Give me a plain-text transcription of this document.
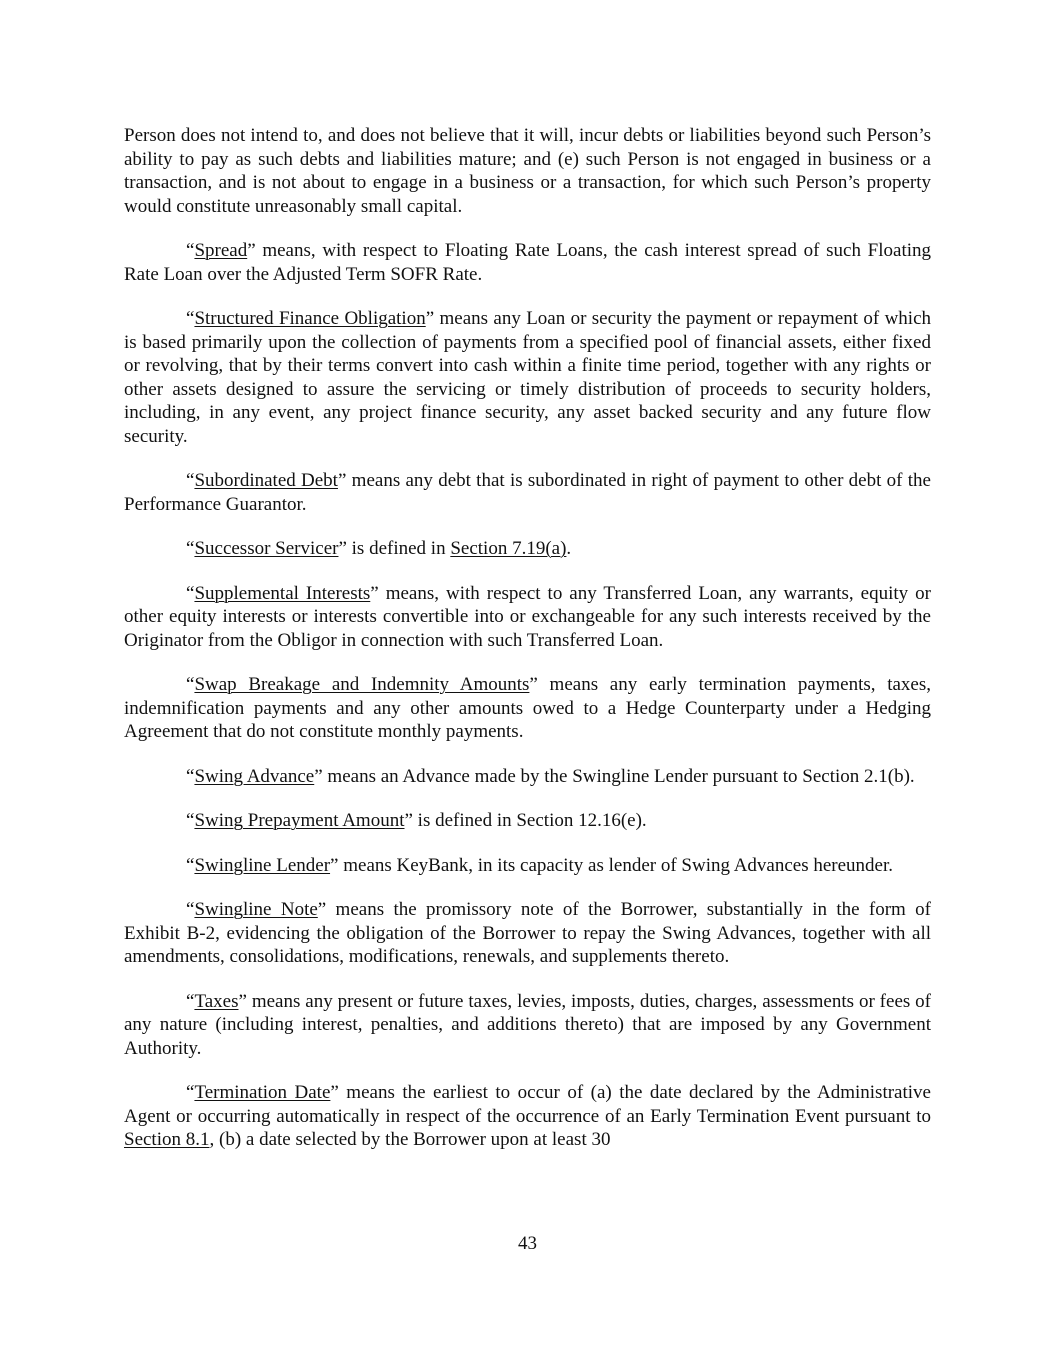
Person does not intend to, and does not believe that it will, incur debts or liabilities beyond such Person’s ability to pay as such debts and liabilities mature; and (e) such Person is not engaged in business or a transaction, and is not about to engage in a business or a transaction, for which such Person’s property would constitute unreasonably small capital.

“Spread” means, with respect to Floating Rate Loans, the cash interest spread of such Floating Rate Loan over the Adjusted Term SOFR Rate.

“Structured Finance Obligation” means any Loan or security the payment or repayment of which is based primarily upon the collection of payments from a specified pool of financial assets, either fixed or revolving, that by their terms convert into cash within a finite time period, together with any rights or other assets designed to assure the servicing or timely distribution of proceeds to security holders, including, in any event, any project finance security, any asset backed security and any future flow security.

“Subordinated Debt” means any debt that is subordinated in right of payment to other debt of the Performance Guarantor.

“Successor Servicer” is defined in Section 7.19(a).

“Supplemental Interests” means, with respect to any Transferred Loan, any warrants, equity or other equity interests or interests convertible into or exchangeable for any such interests received by the Originator from the Obligor in connection with such Transferred Loan.

“Swap Breakage and Indemnity Amounts” means any early termination payments, taxes, indemnification payments and any other amounts owed to a Hedge Counterparty under a Hedging Agreement that do not constitute monthly payments.

“Swing Advance” means an Advance made by the Swingline Lender pursuant to Section 2.1(b).

“Swing Prepayment Amount” is defined in Section 12.16(e).

“Swingline Lender” means KeyBank, in its capacity as lender of Swing Advances hereunder.

“Swingline Note” means the promissory note of the Borrower, substantially in the form of Exhibit B-2, evidencing the obligation of the Borrower to repay the Swing Advances, together with all amendments, consolidations, modifications, renewals, and supplements thereto.

“Taxes” means any present or future taxes, levies, imposts, duties, charges, assessments or fees of any nature (including interest, penalties, and additions thereto) that are imposed by any Government Authority.

“Termination Date” means the earliest to occur of (a) the date declared by the Administrative Agent or occurring automatically in respect of the occurrence of an Early Termination Event pursuant to Section 8.1, (b) a date selected by the Borrower upon at least 30

43
